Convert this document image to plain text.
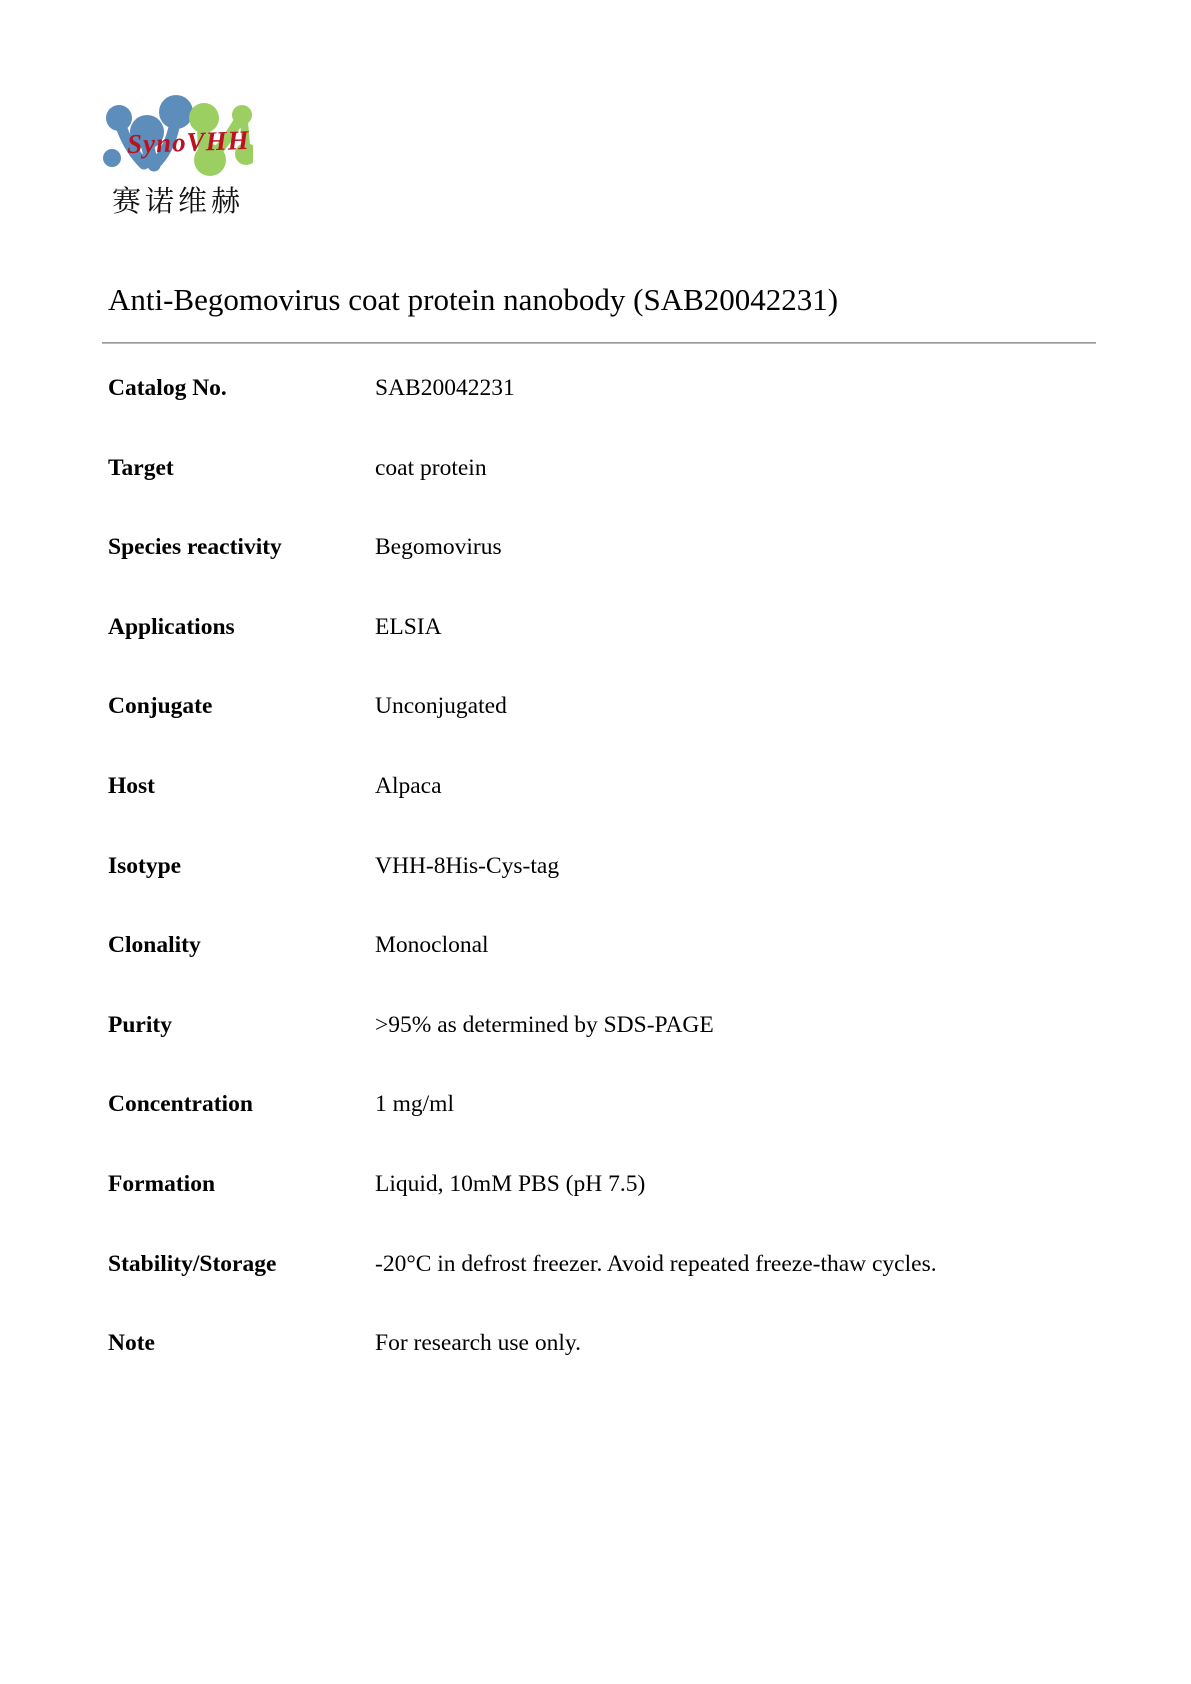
SynoVHH
赛诺维赫
Anti-Begomovirus coat protein nanobody (SAB20042231)
Catalog No.	SAB20042231
Target	coat protein
Species reactivity	Begomovirus
Applications	ELSIA
Conjugate	Unconjugated
Host	Alpaca
Isotype	VHH-8His-Cys-tag
Clonality	Monoclonal
Purity	>95% as determined by SDS-PAGE
Concentration	1 mg/ml
Formation	Liquid, 10mM PBS (pH 7.5)
Stability/Storage	-20°C in defrost freezer. Avoid repeated freeze-thaw cycles.
Note	For research use only.
